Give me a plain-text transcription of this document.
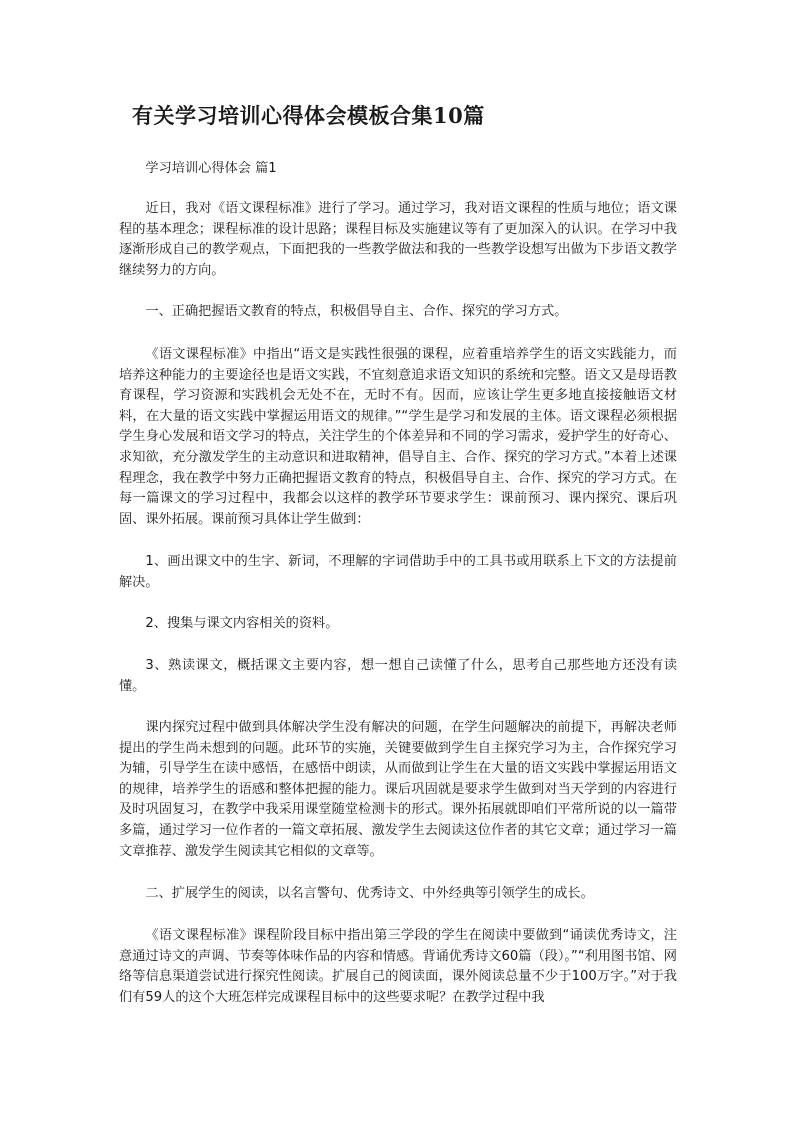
有关学习培训心得体会模板合集10篇

学习培训心得体会 篇1

近日，我对《语文课程标准》进行了学习。通过学习，我对语文课程的性质与地位；语文课程的基本理念；课程标准的设计思路；课程目标及实施建议等有了更加深入的认识。在学习中我逐渐形成自己的教学观点，下面把我的一些教学做法和我的一些教学设想写出做为下步语文教学继续努力的方向。

一、正确把握语文教育的特点，积极倡导自主、合作、探究的学习方式。

《语文课程标准》中指出“语文是实践性很强的课程，应着重培养学生的语文实践能力，而培养这种能力的主要途径也是语文实践，不宜刻意追求语文知识的系统和完整。语文又是母语教育课程，学习资源和实践机会无处不在，无时不有。因而，应该让学生更多地直接接触语文材料，在大量的语文实践中掌握运用语文的规律。”“学生是学习和发展的主体。语文课程必须根据学生身心发展和语文学习的特点，关注学生的个体差异和不同的学习需求，爱护学生的好奇心、求知欲，充分激发学生的主动意识和进取精神，倡导自主、合作、探究的学习方式。”本着上述课程理念，我在教学中努力正确把握语文教育的特点，积极倡导自主、合作、探究的学习方式。在每一篇课文的学习过程中，我都会以这样的教学环节要求学生：课前预习、课内探究、课后巩固、课外拓展。课前预习具体让学生做到：

1、画出课文中的生字、新词，不理解的字词借助手中的工具书或用联系上下文的方法提前解决。

2、搜集与课文内容相关的资料。

3、熟读课文，概括课文主要内容，想一想自己读懂了什么，思考自己那些地方还没有读懂。

课内探究过程中做到具体解决学生没有解决的问题，在学生问题解决的前提下，再解决老师提出的学生尚未想到的问题。此环节的实施，关键要做到学生自主探究学习为主，合作探究学习为辅，引导学生在读中感悟，在感悟中朗读，从而做到让学生在大量的语文实践中掌握运用语文的规律，培养学生的语感和整体把握的能力。课后巩固就是要求学生做到对当天学到的内容进行及时巩固复习，在教学中我采用课堂随堂检测卡的形式。课外拓展就即咱们平常所说的以一篇带多篇，通过学习一位作者的一篇文章拓展、激发学生去阅读这位作者的其它文章；通过学习一篇文章推荐、激发学生阅读其它相似的文章等。

二、扩展学生的阅读，以名言警句、优秀诗文、中外经典等引领学生的成长。

《语文课程标准》课程阶段目标中指出第三学段的学生在阅读中要做到“诵读优秀诗文，注意通过诗文的声调、节奏等体味作品的内容和情感。背诵优秀诗文60篇（段）。”“利用图书馆、网络等信息渠道尝试进行探究性阅读。扩展自己的阅读面，课外阅读总量不少于100万字。”对于我们有59人的这个大班怎样完成课程目标中的这些要求呢？在教学过程中我
